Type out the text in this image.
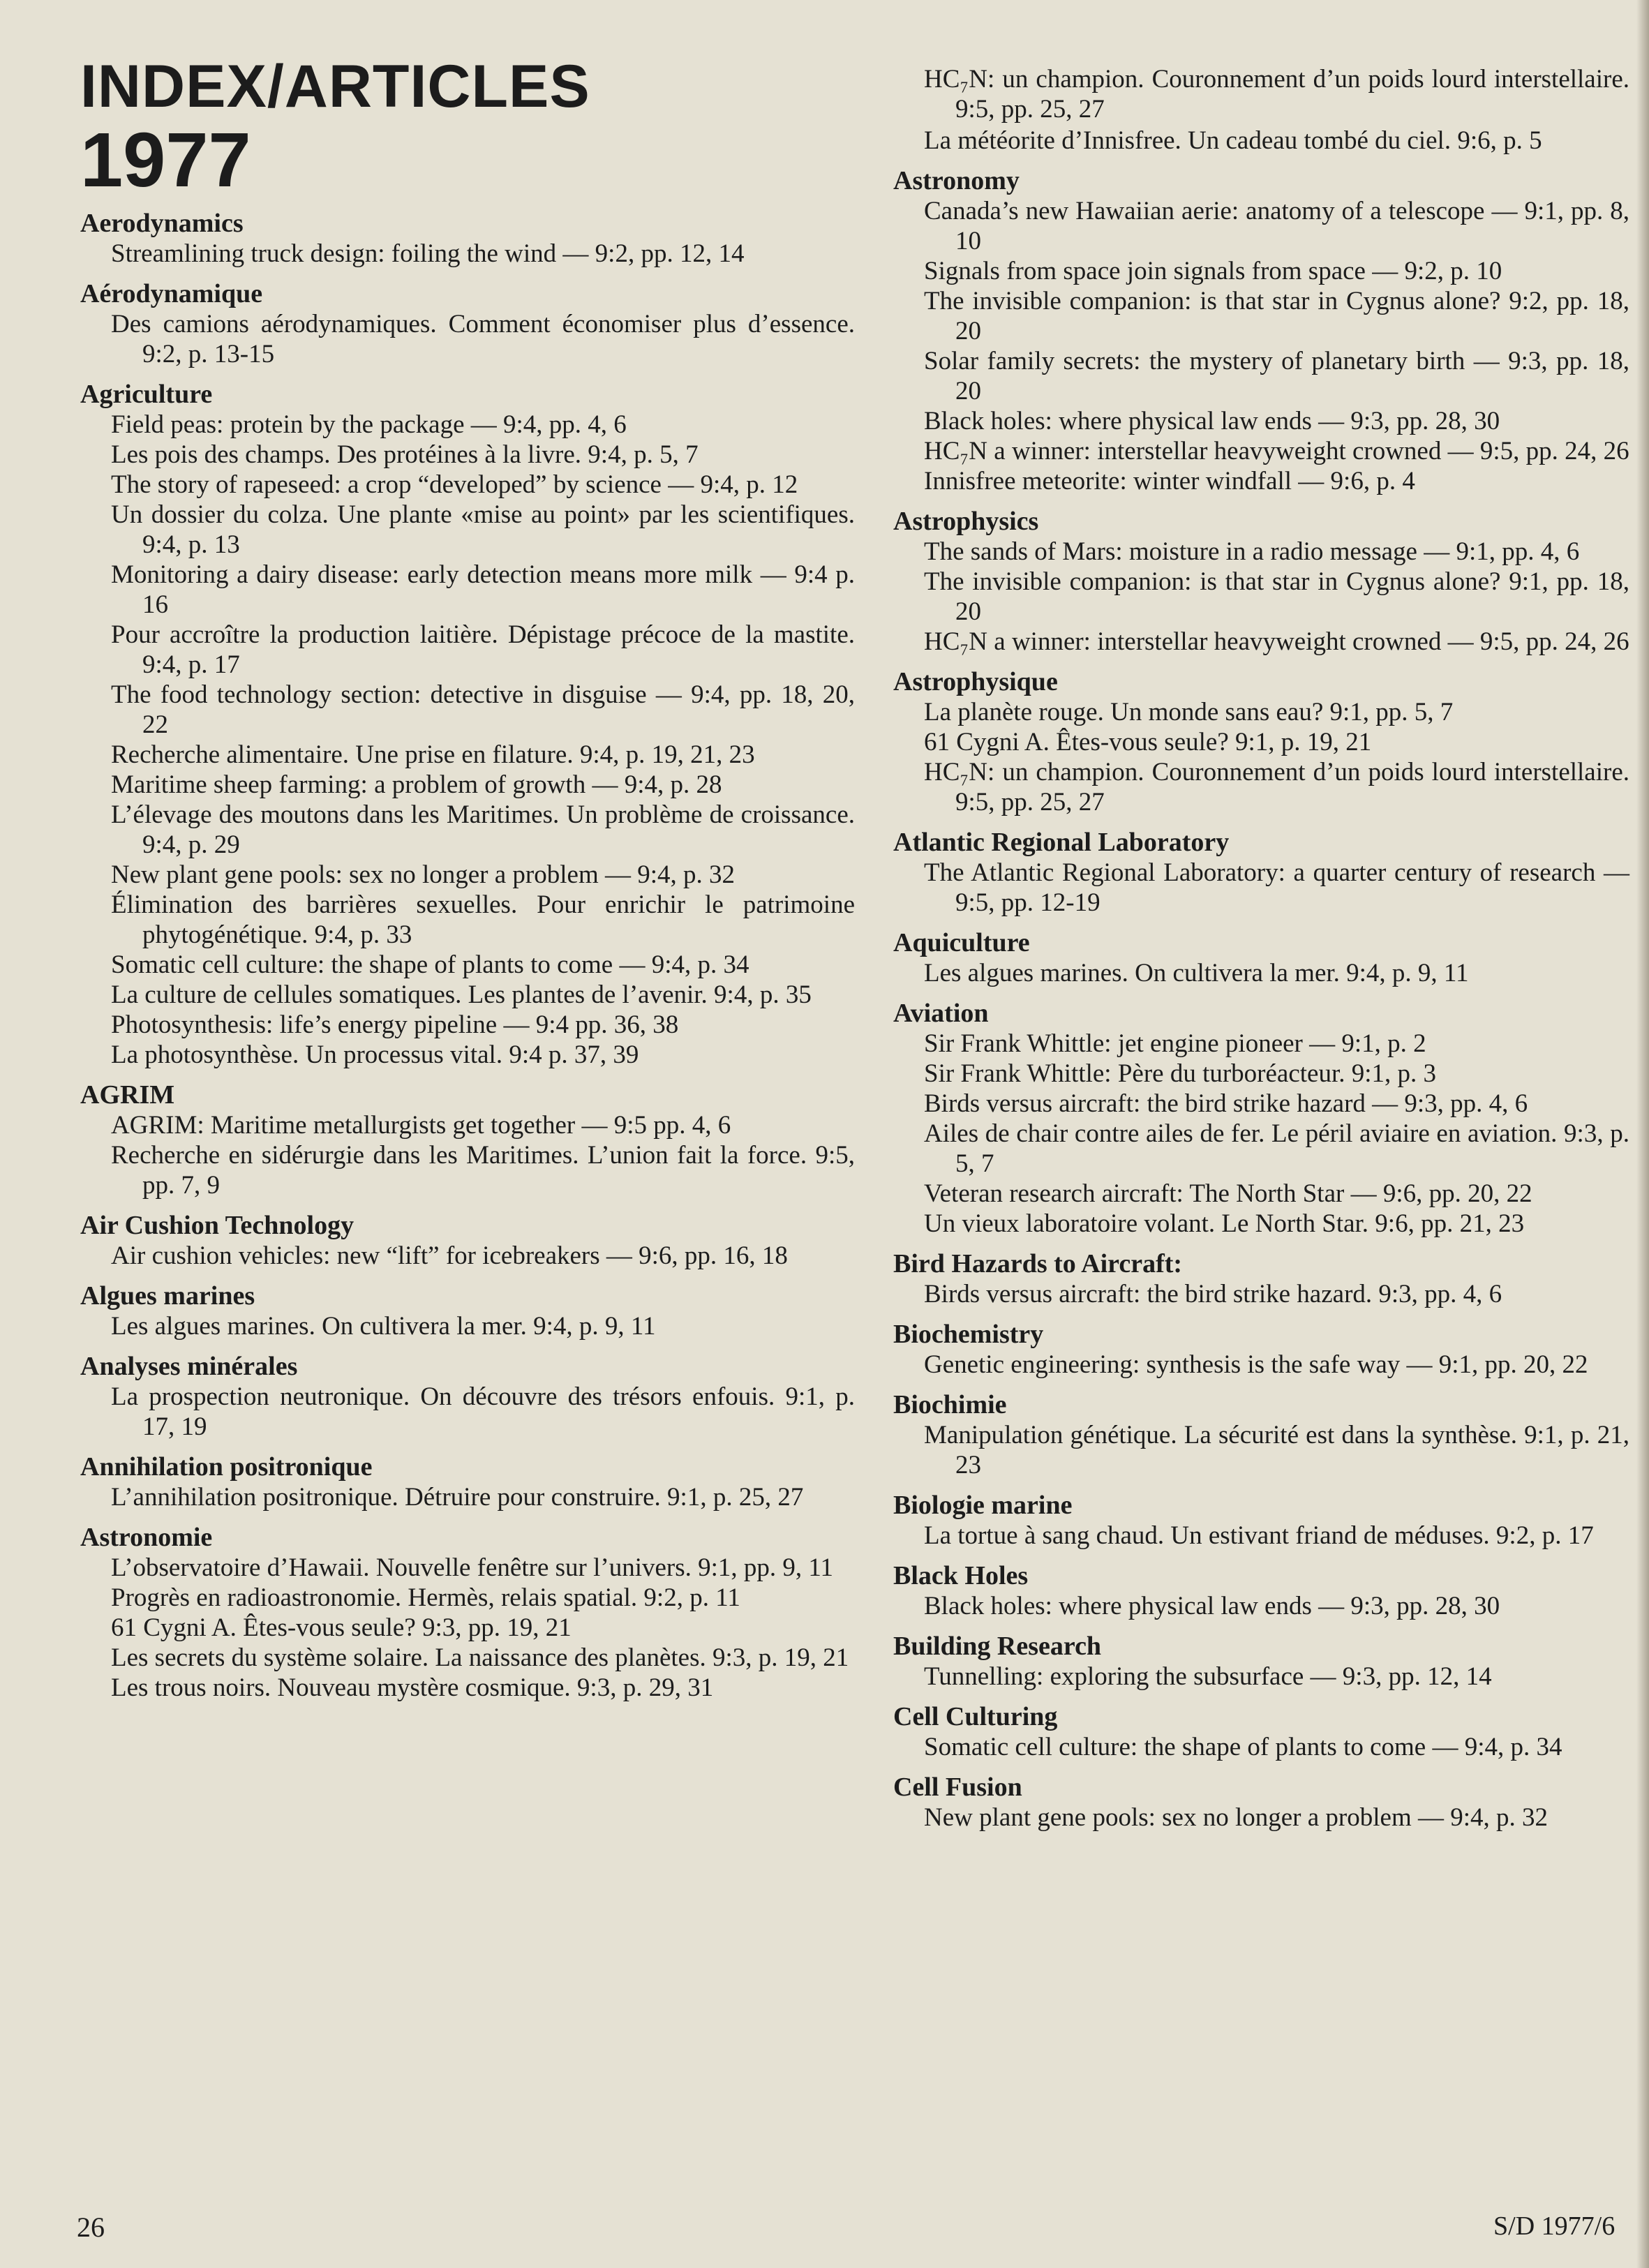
INDEX/ARTICLES
1977
Aerodynamics
Streamlining truck design: foiling the wind — 9:2, pp. 12, 14
Aérodynamique
Des camions aérodynamiques. Comment économiser plus d’essence. 9:2, p. 13-15
Agriculture
Field peas: protein by the package — 9:4, pp. 4, 6
Les pois des champs. Des protéines à la livre. 9:4, p. 5, 7
The story of rapeseed: a crop “developed” by science — 9:4, p. 12
Un dossier du colza. Une plante «mise au point» par les scientifiques. 9:4, p. 13
Monitoring a dairy disease: early detection means more milk — 9:4 p. 16
Pour accroître la production laitière. Dépistage précoce de la mastite. 9:4, p. 17
The food technology section: detective in disguise — 9:4, pp. 18, 20, 22
Recherche alimentaire. Une prise en filature. 9:4, p. 19, 21, 23
Maritime sheep farming: a problem of growth — 9:4, p. 28
L’élevage des moutons dans les Maritimes. Un problème de croissance. 9:4, p. 29
New plant gene pools: sex no longer a problem — 9:4, p. 32
Élimination des barrières sexuelles. Pour enrichir le patrimoine phytogénétique. 9:4, p. 33
Somatic cell culture: the shape of plants to come — 9:4, p. 34
La culture de cellules somatiques. Les plantes de l’avenir. 9:4, p. 35
Photosynthesis: life’s energy pipeline — 9:4 pp. 36, 38
La photosynthèse. Un processus vital. 9:4 p. 37, 39
AGRIM
AGRIM: Maritime metallurgists get together — 9:5 pp. 4, 6
Recherche en sidérurgie dans les Maritimes. L’union fait la force. 9:5, pp. 7, 9
Air Cushion Technology
Air cushion vehicles: new “lift” for icebreakers — 9:6, pp. 16, 18
Algues marines
Les algues marines. On cultivera la mer. 9:4, p. 9, 11
Analyses minérales
La prospection neutronique. On découvre des trésors enfouis. 9:1, p. 17, 19
Annihilation positronique
L’annihilation positronique. Détruire pour construire. 9:1, p. 25, 27
Astronomie
L’observatoire d’Hawaii. Nouvelle fenêtre sur l’univers. 9:1, pp. 9, 11
Progrès en radioastronomie. Hermès, relais spatial. 9:2, p. 11
61 Cygni A. Êtes-vous seule? 9:3, pp. 19, 21
Les secrets du système solaire. La naissance des planètes. 9:3, p. 19, 21
Les trous noirs. Nouveau mystère cosmique. 9:3, p. 29, 31
HC₇N: un champion. Couronnement d’un poids lourd interstellaire. 9:5, pp. 25, 27
La météorite d’Innisfree. Un cadeau tombé du ciel. 9:6, p. 5
Astronomy
Canada’s new Hawaiian aerie: anatomy of a telescope — 9:1, pp. 8, 10
Signals from space join signals from space — 9:2, p. 10
The invisible companion: is that star in Cygnus alone? 9:2, pp. 18, 20
Solar family secrets: the mystery of planetary birth — 9:3, pp. 18, 20
Black holes: where physical law ends — 9:3, pp. 28, 30
HC₇N a winner: interstellar heavyweight crowned — 9:5, pp. 24, 26
Innisfree meteorite: winter windfall — 9:6, p. 4
Astrophysics
The sands of Mars: moisture in a radio message — 9:1, pp. 4, 6
The invisible companion: is that star in Cygnus alone? 9:1, pp. 18, 20
HC₇N a winner: interstellar heavyweight crowned — 9:5, pp. 24, 26
Astrophysique
La planète rouge. Un monde sans eau? 9:1, pp. 5, 7
61 Cygni A. Êtes-vous seule? 9:1, p. 19, 21
HC₇N: un champion. Couronnement d’un poids lourd interstellaire. 9:5, pp. 25, 27
Atlantic Regional Laboratory
The Atlantic Regional Laboratory: a quarter century of research — 9:5, pp. 12-19
Aquiculture
Les algues marines. On cultivera la mer. 9:4, p. 9, 11
Aviation
Sir Frank Whittle: jet engine pioneer — 9:1, p. 2
Sir Frank Whittle: Père du turboréacteur. 9:1, p. 3
Birds versus aircraft: the bird strike hazard — 9:3, pp. 4, 6
Ailes de chair contre ailes de fer. Le péril aviaire en aviation. 9:3, p. 5, 7
Veteran research aircraft: The North Star — 9:6, pp. 20, 22
Un vieux laboratoire volant. Le North Star. 9:6, pp. 21, 23
Bird Hazards to Aircraft:
Birds versus aircraft: the bird strike hazard. 9:3, pp. 4, 6
Biochemistry
Genetic engineering: synthesis is the safe way — 9:1, pp. 20, 22
Biochimie
Manipulation génétique. La sécurité est dans la synthèse. 9:1, p. 21, 23
Biologie marine
La tortue à sang chaud. Un estivant friand de méduses. 9:2, p. 17
Black Holes
Black holes: where physical law ends — 9:3, pp. 28, 30
Building Research
Tunnelling: exploring the subsurface — 9:3, pp. 12, 14
Cell Culturing
Somatic cell culture: the shape of plants to come — 9:4, p. 34
Cell Fusion
New plant gene pools: sex no longer a problem — 9:4, p. 32
26	S/D 1977/6
